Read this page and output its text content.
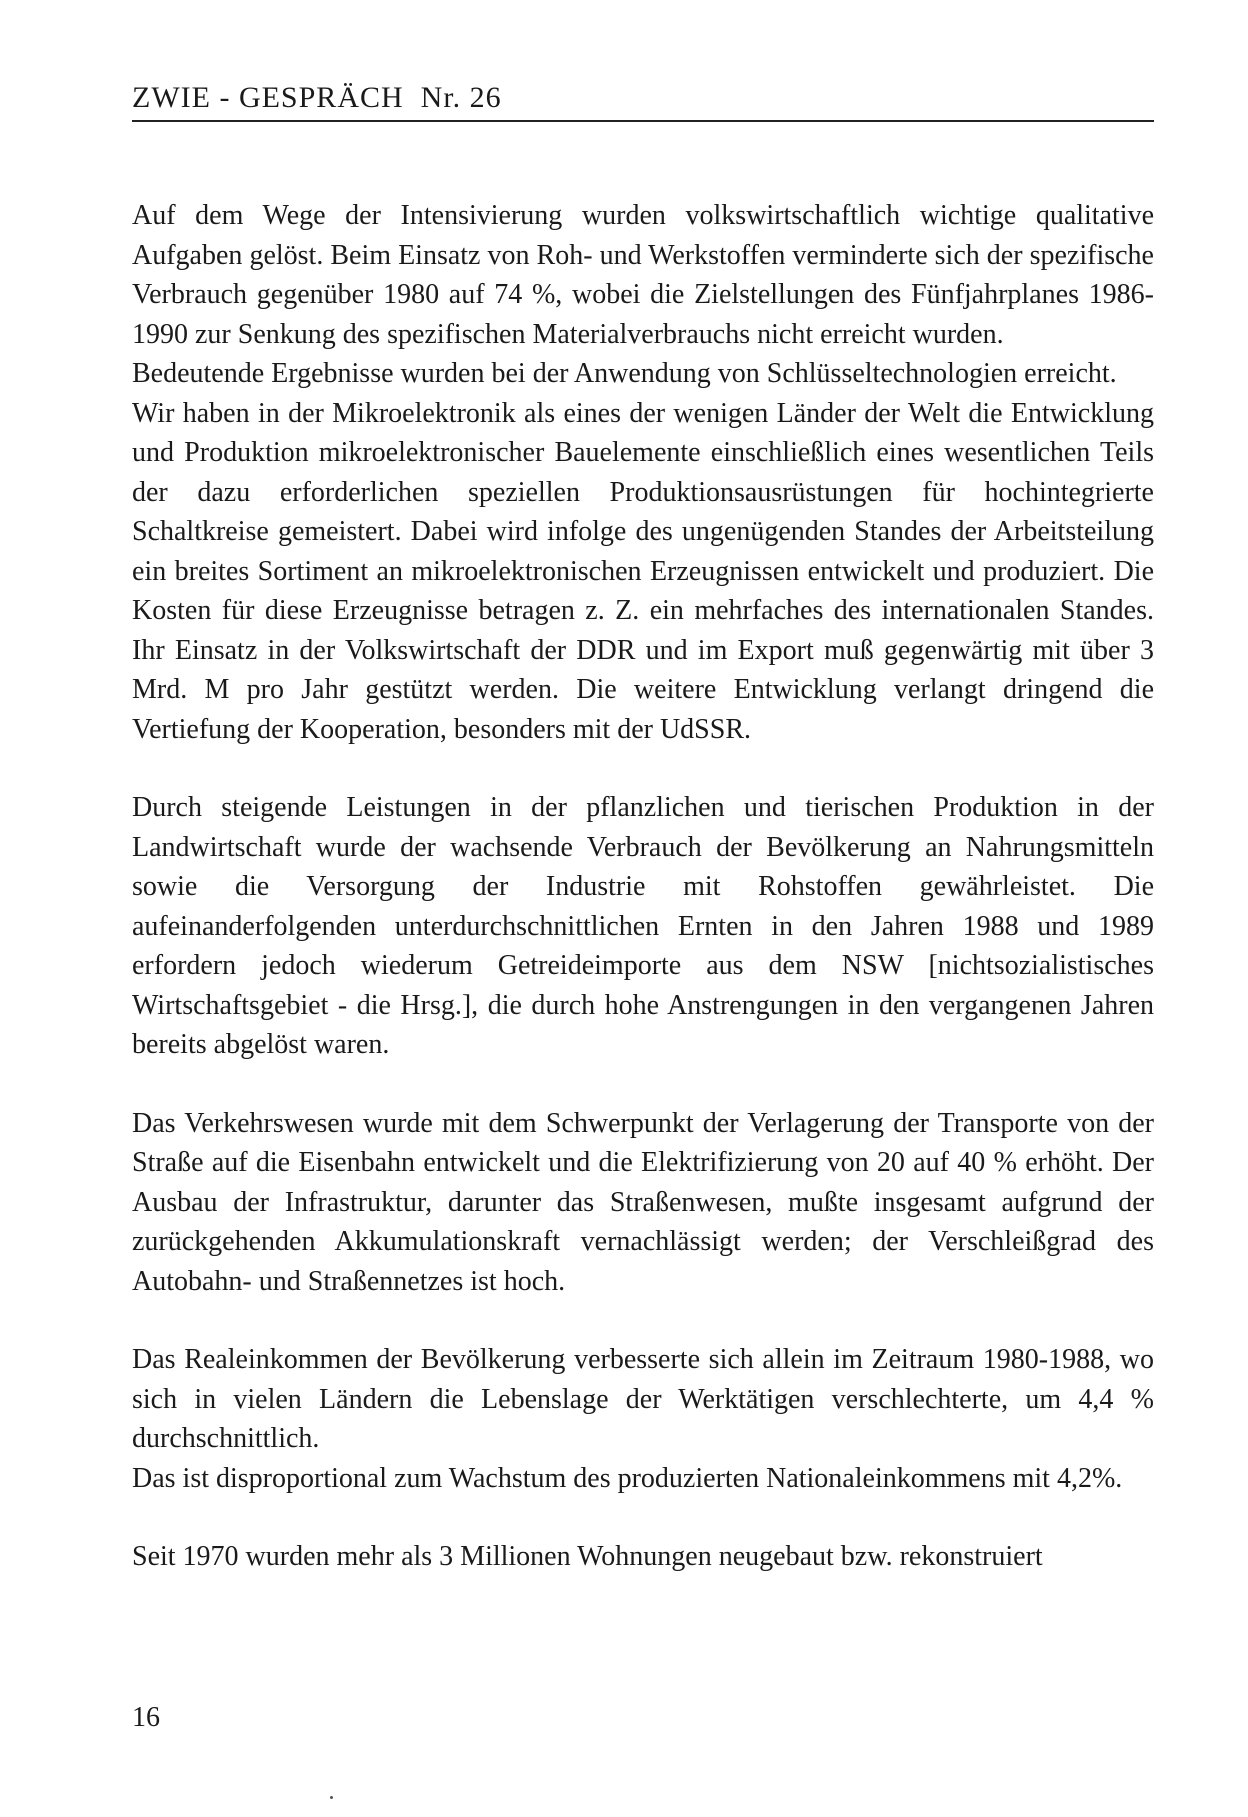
ZWIE - GESPRÄCH Nr. 26

Auf dem Wege der Intensivierung wurden volkswirtschaftlich wichtige qualitative Aufgaben gelöst. Beim Einsatz von Roh- und Werkstoffen verminderte sich der spezifische Verbrauch gegenüber 1980 auf 74 %, wobei die Zielstellungen des Fünfjahrplanes 1986-1990 zur Senkung des spezifischen Materialverbrauchs nicht erreicht wurden.

Bedeutende Ergebnisse wurden bei der Anwendung von Schlüsseltechnologien erreicht.

Wir haben in der Mikroelektronik als eines der wenigen Länder der Welt die Entwicklung und Produktion mikroelektronischer Bauelemente einschließlich eines wesentlichen Teils der dazu erforderlichen speziellen Produktionsausrüstungen für hochintegrierte Schaltkreise gemeistert. Dabei wird infolge des ungenügenden Standes der Arbeitsteilung ein breites Sortiment an mikroelektronischen Erzeugnissen entwickelt und produziert. Die Kosten für diese Erzeugnisse betragen z. Z. ein mehrfaches des internationalen Standes. Ihr Einsatz in der Volkswirtschaft der DDR und im Export muß gegenwärtig mit über 3 Mrd. M pro Jahr gestützt werden. Die weitere Entwicklung verlangt dringend die Vertiefung der Kooperation, besonders mit der UdSSR.

Durch steigende Leistungen in der pflanzlichen und tierischen Produktion in der Landwirtschaft wurde der wachsende Verbrauch der Bevölkerung an Nahrungsmitteln sowie die Versorgung der Industrie mit Rohstoffen gewährleistet. Die aufeinanderfolgenden unterdurchschnittlichen Ernten in den Jahren 1988 und 1989 erfordern jedoch wiederum Getreideimporte aus dem NSW [nichtsozialistisches Wirtschaftsgebiet - die Hrsg.], die durch hohe Anstrengungen in den vergangenen Jahren bereits abgelöst waren.

Das Verkehrswesen wurde mit dem Schwerpunkt der Verlagerung der Transporte von der Straße auf die Eisenbahn entwickelt und die Elektrifizierung von 20 auf 40 % erhöht. Der Ausbau der Infrastruktur, darunter das Straßenwesen, mußte insgesamt aufgrund der zurückgehenden Akkumulationskraft vernachlässigt werden; der Verschleißgrad des Autobahn- und Straßennetzes ist hoch.

Das Realeinkommen der Bevölkerung verbesserte sich allein im Zeitraum 1980-1988, wo sich in vielen Ländern die Lebenslage der Werktätigen verschlechterte, um 4,4 % durchschnittlich.

Das ist disproportional zum Wachstum des produzierten Nationaleinkommens mit 4,2%.

Seit 1970 wurden mehr als 3 Millionen Wohnungen neugebaut bzw. rekonstruiert

16
